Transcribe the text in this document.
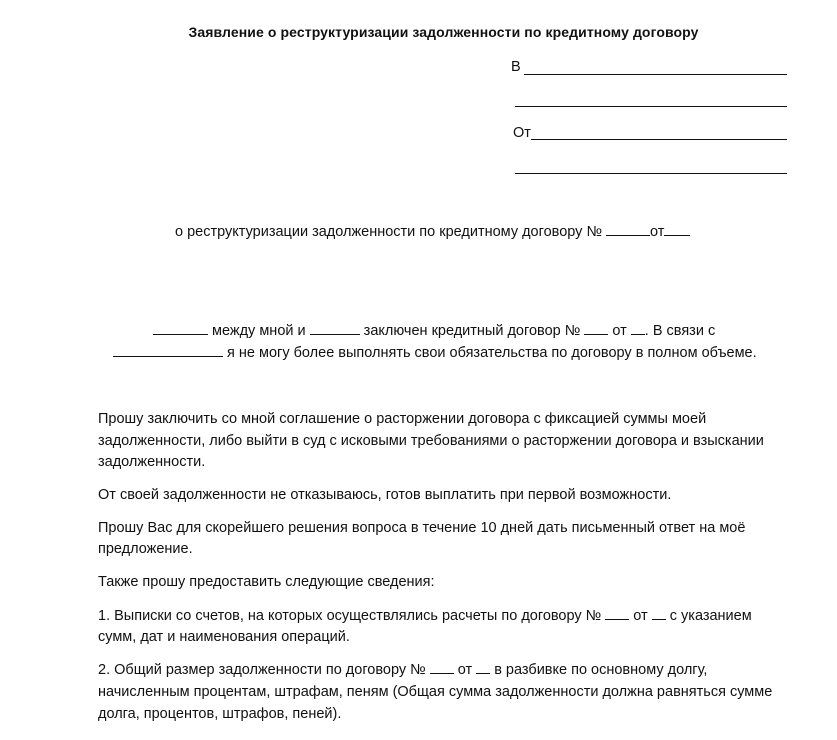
Заявление о реструктуризации задолженности по кредитному договору
В
От
о реструктуризации задолженности по кредитному договору №	от
между мной и	заключен кредитный договор № от . В связи с
я не могу более выполнять свои обязательства по договору в полном объеме.
Прошу заключить со мной соглашение о расторжении договора с фиксацией суммы моей
задолженности, либо выйти в суд с исковыми требованиями о расторжении договора и взыскании
задолженности.
От своей задолженности не отказываюсь, готов выплатить при первой возможности.
Прошу Вас для скорейшего решения вопроса в течение 10 дней дать письменный ответ на моё
предложение.
Также прошу предоставить следующие сведения:
1. Выписки со счетов, на которых осуществлялись расчеты по договору № от с указанием
сумм, дат и наименования операций.
2. Общий размер задолженности по договору № от в разбивке по основному долгу,
начисленным процентам, штрафам, пеням (Общая сумма задолженности должна равняться сумме
долга, процентов, штрафов, пеней).
